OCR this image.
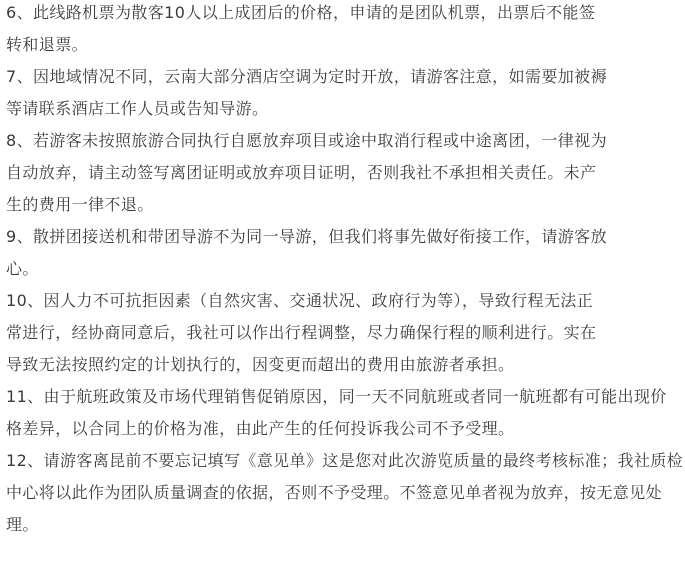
6、此线路机票为散客10人以上成团后的价格，申请的是团队机票，出票后不能签
转和退票。
7、因地域情况不同，云南大部分酒店空调为定时开放，请游客注意，如需要加被褥
等请联系酒店工作人员或告知导游。
8、若游客未按照旅游合同执行自愿放弃项目或途中取消行程或中途离团，一律视为
自动放弃，请主动签写离团证明或放弃项目证明，否则我社不承担相关责任。未产
生的费用一律不退。
9、散拼团接送机和带团导游不为同一导游，但我们将事先做好衔接工作，请游客放
心。
10、因人力不可抗拒因素（自然灾害、交通状况、政府行为等），导致行程无法正
常进行，经协商同意后，我社可以作出行程调整，尽力确保行程的顺利进行。实在
导致无法按照约定的计划执行的，因变更而超出的费用由旅游者承担。
11、由于航班政策及市场代理销售促销原因，同一天不同航班或者同一航班都有可能出现价
格差异，以合同上的价格为准，由此产生的任何投诉我公司不予受理。
12、请游客离昆前不要忘记填写《意见单》这是您对此次游览质量的最终考核标准；我社质检
中心将以此作为团队质量调查的依据，否则不予受理。不签意见单者视为放弃，按无意见处
理。
